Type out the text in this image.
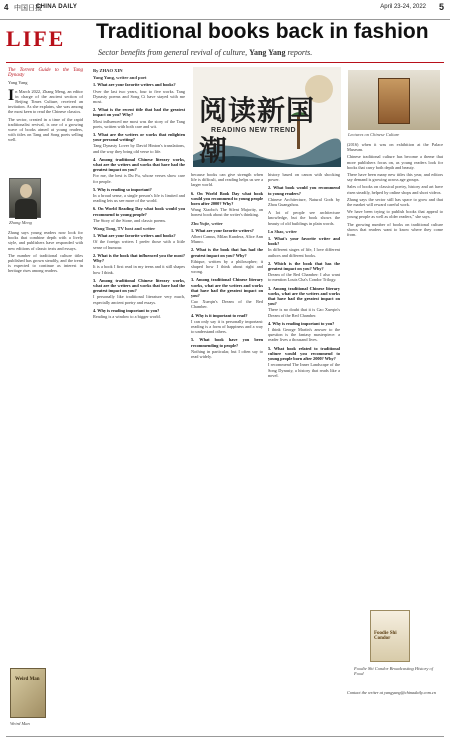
4 中国日报
CHINA DAILY	April 23-24, 2022 5
LIFE Traditional books back in fashion
Sector benefits from general revival of culture, Yang Yang reports.
The Torrent Guide to the Tang Dynasty
Yang Yang

In March 2022, Zhang Meng, an editor in charge of the ancient section of Beijing Times Culture, received an invitation. As she explains, she was among the most keen to read the Chinese classics.

The sector, created in a time of the rapid traditionalist revival, is one of a growing wave of books aimed at young readers, with titles on Tang and Song poets selling well.

Zhang Meng

Zhang says young readers now look for books that combine depth with a lively style, and publishers have responded with new editions of classic texts and essays.

The number of traditional culture titles published has grown steadily, and the trend is expected to continue as interest in heritage rises among readers.

Weird Man
Weird Man
By ZHAO XIN
Yang Yang, writer and poet

1. What are your favorite writers and books?

Over the last two years, four to five works. Tang Dynasty poems and Song Ci have stayed with me most.

2. What is the recent title that had the greatest impact on you? Why?

Most influenced me most was the story of the Tang poets, written with both care and wit.

3. What are the writers or works that enlighten your personal writing?

Tang Dynasty Lover by David Hinton's translations, and the way they bring old verse to life.

4. Among traditional Chinese literary works, what are the writers and works that have had the greatest impact on you?

For me, the best is Du Fu, whose verses show care for people.

5. Why is reading so important?

In a broad sense, a single person's life is limited and reading lets us see more of the world.

6. On World Reading Day what book would you recommend to young people?

The Story of the Stone, and classic poems.

Wang Tong, TV host and writer

1. What are your favorite writers and books?

Of the foreign writers I prefer those with a little sense of humour.

2. What is the book that influenced you the most? Why?

It is a book I first read in my teens and it still shapes how I think.

3. Among traditional Chinese literary works, what are the writers and works that have had the greatest impact on you?

I personally like traditional literature very much, especially ancient poetry and essays.

4. Why is reading important to you?

Reading is a window to a bigger world.

阅读新国潮
READING NEW TREND

because books can give strength when life is difficult, and reading helps us see a larger world.

6. On World Book Day what book would you recommend to young people born after 2000? Why?

Wang Xiaobo's The Silent Majority, an honest book about the writer's thinking.

Zhu Yujie, writer

1. What are your favorite writers?

Albert Camus, Milan Kundera, Alice Ann Munro.

2. What is the book that has had the greatest impact on you? Why?

Ethique, written by a philosopher; it shaped how I think about right and wrong.

3. Among traditional Chinese literary works, what are the writers and works that have had the greatest impact on you?

Cao Xueqin's Dream of the Red Chamber.

4. Why is it important to read?

I can only say it is personally important: reading is a form of happiness and a way to understand others.

5. What book have you been recommending to people?

Nothing in particular, but I often say to read widely.

history based on canon with shocking power.

2. What book would you recommend to young readers?

Chinese Architecture, Natural Gods by Zhou Guangzhou.

A lot of people see architecture knowledge, but the book shows the beauty of old buildings in plain words.

Lu Shao, writer

1. What's your favorite writer and book?

In different stages of life, I love different authors and different books.

2. Which is the book that has the greatest impact on you? Why?

Dream of the Red Chamber: I also want to mention Louis Cha's Condor Trilogy.

3. Among traditional Chinese literary works, what are the writers and works that have had the greatest impact on you?

There is no doubt that it is Cao Xueqin's Dream of the Red Chamber.

4. Why is reading important to you?

I think George Martin's answer to the question is the fantasy masterpiece: a reader lives a thousand lives.

5. What book related to traditional culture would you recommend to young people born after 2000? Why?

I recommend The Inner Landscape of the Song Dynasty, a history that reads like a novel.

Lectures on Chinese Culture

(2016) when it was on exhibition at the Palace Museum.

Chinese traditional culture has become a theme that more publishers focus on, as young readers look for books that carry both depth and beauty.

There have been many new titles this year, and editors say demand is growing across age groups.

Sales of books on classical poetry, history and art have risen steadily, helped by online shops and short videos.

Zhang says the sector still has space to grow and that the market will reward careful work.

We have been trying to publish books that appeal to young people as well as older readers," she says.

The growing number of books on traditional culture shows that readers want to know where they come from.

Foodie Shi Condor
Foodie Shi Condor Broadcasting History of Food
Contact the writer at yangyang@chinadaily.com.cn
